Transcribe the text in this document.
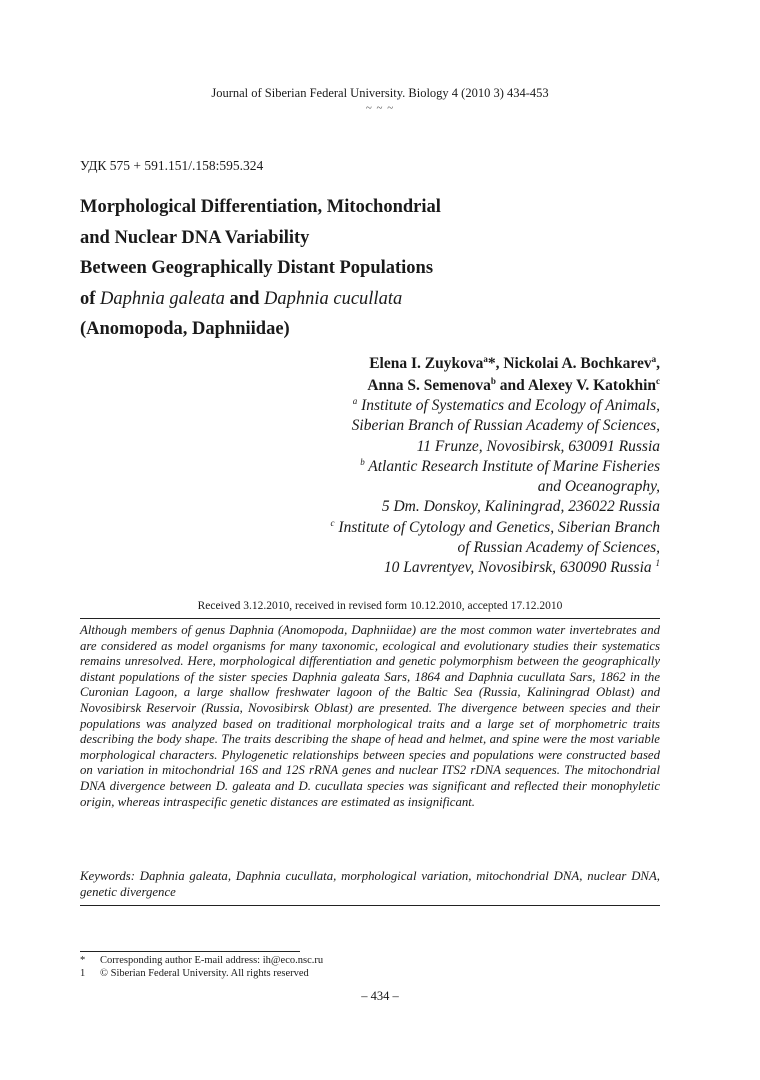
Journal of Siberian Federal University. Biology 4 (2010 3) 434-453
~ ~ ~
УДК 575 + 591.151/.158:595.324
Morphological Differentiation, Mitochondrial
and Nuclear DNA Variability
Between Geographically Distant Populations
of Daphnia galeata and Daphnia cucullata
(Anomopoda, Daphniidae)
Elena I. Zuykova$^a$*, Nickolai A. Bochkarev$^a$,
Anna S. Semenova$^b$ and Alexey V. Katokhin$^c$
$^a$ Institute of Systematics and Ecology of Animals,
Siberian Branch of Russian Academy of Sciences,
11 Frunze, Novosibirsk, 630091 Russia
$^b$ Atlantic Research Institute of Marine Fisheries
and Oceanography,
5 Dm. Donskoy, Kaliningrad, 236022 Russia
$^c$ Institute of Cytology and Genetics, Siberian Branch
of Russian Academy of Sciences,
10 Lavrentyev, Novosibirsk, 630090 Russia $^1$
Received 3.12.2010, received in revised form 10.12.2010, accepted 17.12.2010
Although members of genus Daphnia (Anomopoda, Daphniidae) are the most common water invertebrates and are considered as model organisms for many taxonomic, ecological and evolutionary studies their systematics remains unresolved. Here, morphological differentiation and genetic polymorphism between the geographically distant populations of the sister species Daphnia galeata Sars, 1864 and Daphnia cucullata Sars, 1862 in the Curonian Lagoon, a large shallow freshwater lagoon of the Baltic Sea (Russia, Kaliningrad Oblast) and Novosibirsk Reservoir (Russia, Novosibirsk Oblast) are presented. The divergence between species and their populations was analyzed based on traditional morphological traits and a large set of morphometric traits describing the body shape. The traits describing the shape of head and helmet, and spine were the most variable morphological characters. Phylogenetic relationships between species and populations were constructed based on variation in mitochondrial 16S and 12S rRNA genes and nuclear ITS2 rDNA sequences. The mitochondrial DNA divergence between D. galeata and D. cucullata species was significant and reflected their monophyletic origin, whereas intraspecific genetic distances are estimated as insignificant.
Keywords: Daphnia galeata, Daphnia cucullata, morphological variation, mitochondrial DNA, nuclear DNA, genetic divergence
* Corresponding author E-mail address: ih@eco.nsc.ru
1 © Siberian Federal University. All rights reserved
– 434 –
